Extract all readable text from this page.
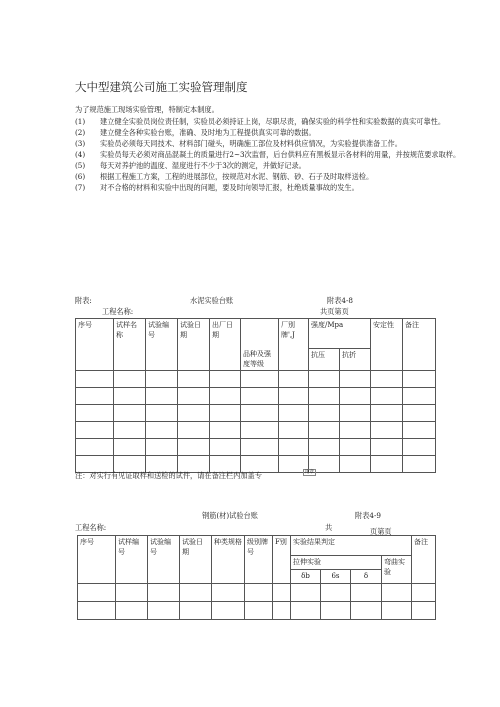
大中型建筑公司施工实验管理制度
为了规范施工现场实验管理，特制定本制度。
(1)	建立健全实验员岗位责任制，实验员必须持证上岗，尽职尽责，确保实验的科学性和实验数据的真实可靠性。
(2)	建立健全各种实验台账，准确、及时地为工程提供真实可靠的数据。
(3)	实验员必须每天同技术、材料部门碰头，明确施工部位及材料供应情况，为实验提供准备工作。
(4)	实验员每天必须对商品混凝土的质量进行2~3次监督，后台供料应有黑板显示各材料的用量，并按规范要求取样。
(5)	每天对养护池的温度、湿度进行不少于3次的测定，并做好记录。
(6)	根据工程施工方案，工程的进展部位，按规范对水泥、钢筋、砂、石子及时取样送检。
(7)	对不合格的材料和实验中出现的问题，要及时向领导汇报，杜绝质量事故的发生。
附表:	水泥实验台账	附表4-8
工程名称:	共页第页
序号	试样名称	试验编号	试验日期	出厂日期	品种及强度等级	厂別牌',J	强度/Mpa		安定性	备注
							抗压	抗折		

注：对实行有见证取样和送检的试件，请在备注栏内加盖专	用章
钢筋(材)试验台账	附表4-9
工程名称:	共	页第页
序号	试样编号	试验编号	试验日期	种类规格	级别牌号	F别	实验结果判定				备注
							拉伸实验			弯曲实验	
							δb	6s	δ		
